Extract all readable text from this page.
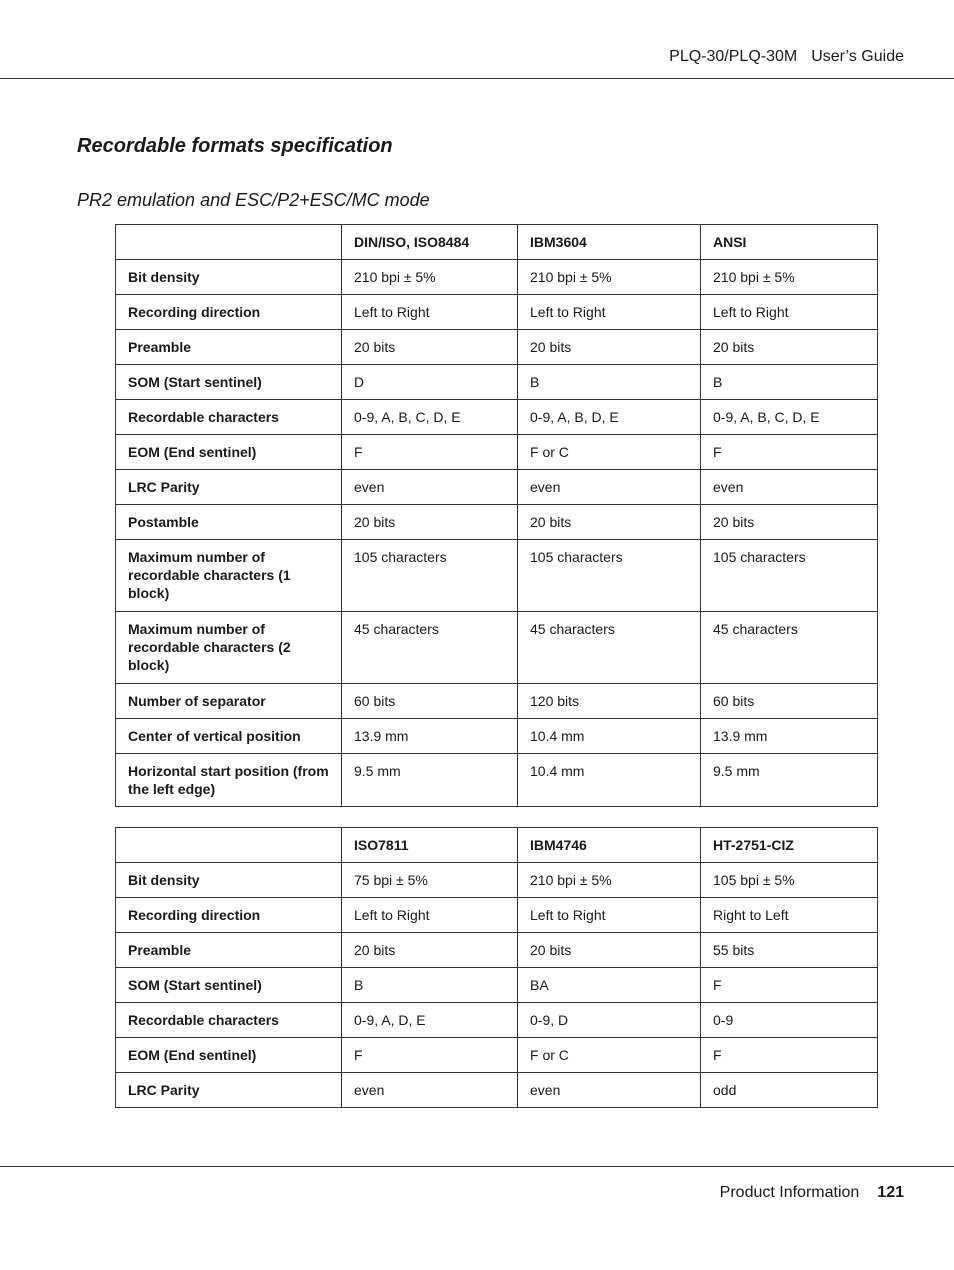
PLQ-30/PLQ-30M User’s Guide
Recordable formats specification
PR2 emulation and ESC/P2+ESC/MC mode
	DIN/ISO, ISO8484	IBM3604	ANSI
Bit density	210 bpi ± 5%	210 bpi ± 5%	210 bpi ± 5%
Recording direction	Left to Right	Left to Right	Left to Right
Preamble	20 bits	20 bits	20 bits
SOM (Start sentinel)	D	B	B
Recordable characters	0-9, A, B, C, D, E	0-9, A, B, D, E	0-9, A, B, C, D, E
EOM (End sentinel)	F	F or C	F
LRC Parity	even	even	even
Postamble	20 bits	20 bits	20 bits
Maximum number of recordable characters (1 block)	105 characters	105 characters	105 characters
Maximum number of recordable characters (2 block)	45 characters	45 characters	45 characters
Number of separator	60 bits	120 bits	60 bits
Center of vertical position	13.9 mm	10.4 mm	13.9 mm
Horizontal start position (from the left edge)	9.5 mm	10.4 mm	9.5 mm
	ISO7811	IBM4746	HT-2751-CIZ
Bit density	75 bpi ± 5%	210 bpi ± 5%	105 bpi ± 5%
Recording direction	Left to Right	Left to Right	Right to Left
Preamble	20 bits	20 bits	55 bits
SOM (Start sentinel)	B	BA	F
Recordable characters	0-9, A, D, E	0-9, D	0-9
EOM (End sentinel)	F	F or C	F
LRC Parity	even	even	odd
Product Information 121
